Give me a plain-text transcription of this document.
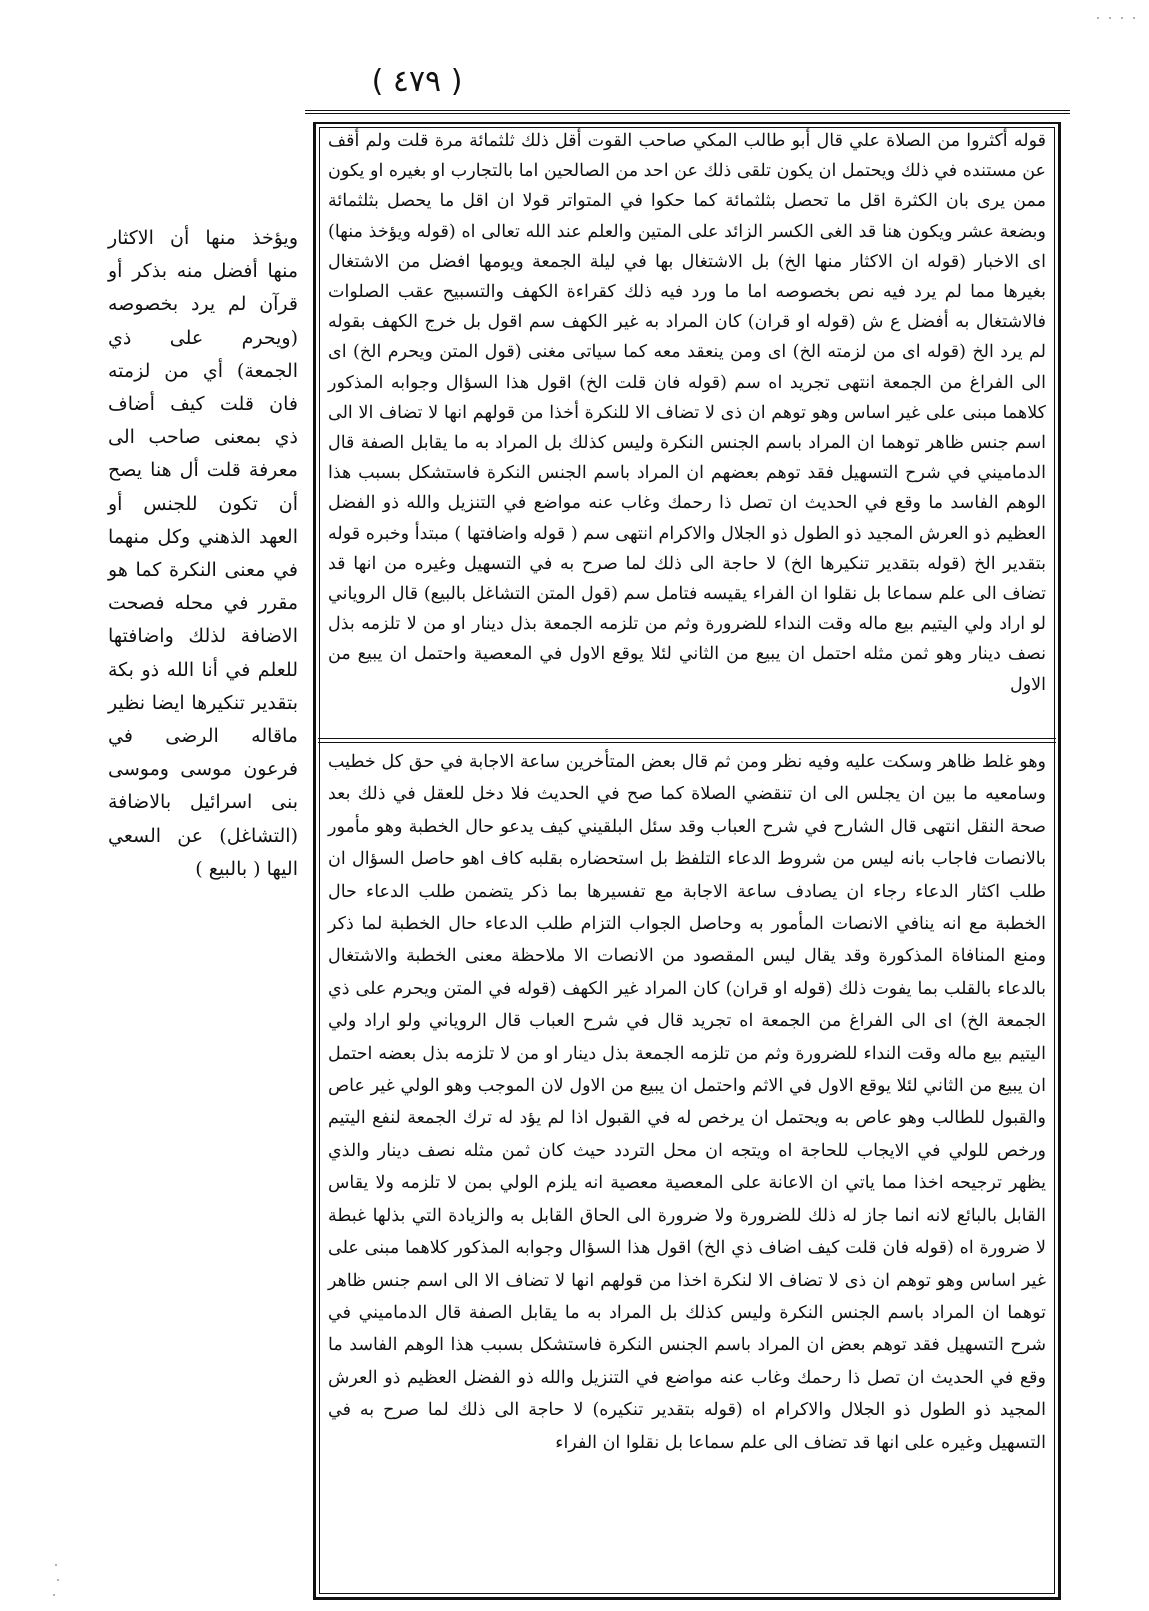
( ٤٧٩ )

قوله أكثروا من الصلاة علي قال أبو طالب المكي صاحب القوت أقل ذلك ثلثمائة مرة قلت ولم أقف عن مستنده في ذلك ويحتمل ان يكون تلقى ذلك عن احد من الصالحين اما بالتجارب او بغيره او يكون ممن يرى بان الكثرة اقل ما تحصل بثلثمائة كما حكوا في المتواتر قولا ان اقل ما يحصل بثلثمائة وبضعة عشر ويكون هنا قد الغى الكسر الزائد على المتين والعلم عند الله تعالى اه (قوله ويؤخذ منها) اى الاخبار (قوله ان الاكثار منها الخ) بل الاشتغال بها في ليلة الجمعة ويومها افضل من الاشتغال بغيرها مما لم يرد فيه نص بخصوصه اما ما ورد فيه ذلك كقراءة الكهف والتسبيح عقب الصلوات فالاشتغال به أفضل ع ش (قوله او قران) كان المراد به غير الكهف سم اقول بل خرج الكهف بقوله لم يرد الخ (قوله اى من لزمته الخ) اى ومن ينعقد معه كما سياتى مغنى (قول المتن ويحرم الخ) اى الى الفراغ من الجمعة انتهى تجريد اه سم (قوله فان قلت الخ) اقول هذا السؤال وجوابه المذكور كلاهما مبنى على غير اساس وهو توهم ان ذى لا تضاف الا للنكرة أخذا من قولهم انها لا تضاف الا الى اسم جنس ظاهر توهما ان المراد باسم الجنس النكرة وليس كذلك بل المراد به ما يقابل الصفة قال الدماميني في شرح التسهيل فقد توهم بعضهم ان المراد باسم الجنس النكرة فاستشكل بسبب هذا الوهم الفاسد ما وقع في الحديث ان تصل ذا رحمك وغاب عنه مواضع في التنزيل والله ذو الفضل العظيم ذو العرش المجيد ذو الطول ذو الجلال والاكرام انتهى سم ( قوله واضافتها ) مبتدأ وخبره قوله بتقدير الخ (قوله بتقدير تنكيرها الخ) لا حاجة الى ذلك لما صرح به في التسهيل وغيره من انها قد تضاف الى علم سماعا بل نقلوا ان الفراء يقيسه فتامل سم (قول المتن التشاغل بالبيع) قال الروياني لو اراد ولي اليتيم بيع ماله وقت النداء للضرورة وثم من تلزمه الجمعة بذل دينار او من لا تلزمه بذل نصف دينار وهو ثمن مثله احتمل ان يبيع من الثاني لئلا يوقع الاول في المعصية واحتمل ان يبيع من الاول

وهو غلط ظاهر وسكت عليه وفيه نظر ومن ثم قال بعض المتأخرين ساعة الاجابة في حق كل خطيب وسامعيه ما بين ان يجلس الى ان تنقضي الصلاة كما صح في الحديث فلا دخل للعقل في ذلك بعد صحة النقل انتهى قال الشارح في شرح العباب وقد سئل البلقيني كيف يدعو حال الخطبة وهو مأمور بالانصات فاجاب بانه ليس من شروط الدعاء التلفظ بل استحضاره بقلبه كاف اهو حاصل السؤال ان طلب اكثار الدعاء رجاء ان يصادف ساعة الاجابة مع تفسيرها بما ذكر يتضمن طلب الدعاء حال الخطبة مع انه ينافي الانصات المأمور به وحاصل الجواب التزام طلب الدعاء حال الخطبة لما ذكر ومنع المنافاة المذكورة وقد يقال ليس المقصود من الانصات الا ملاحظة معنى الخطبة والاشتغال بالدعاء بالقلب بما يفوت ذلك (قوله او قران) كان المراد غير الكهف (قوله في المتن ويحرم على ذي الجمعة الخ) اى الى الفراغ من الجمعة اه تجريد قال في شرح العباب قال الروياني ولو اراد ولي اليتيم بيع ماله وقت النداء للضرورة وثم من تلزمه الجمعة بذل دينار او من لا تلزمه بذل بعضه احتمل ان يبيع من الثاني لئلا يوقع الاول في الاثم واحتمل ان يبيع من الاول لان الموجب وهو الولي غير عاص والقبول للطالب وهو عاص به ويحتمل ان يرخص له في القبول اذا لم يؤد له ترك الجمعة لنفع اليتيم ورخص للولي في الايجاب للحاجة اه ويتجه ان محل التردد حيث كان ثمن مثله نصف دينار والذي يظهر ترجيحه اخذا مما ياتي ان الاعانة على المعصية معصية انه يلزم الولي بمن لا تلزمه ولا يقاس القابل بالبائع لانه انما جاز له ذلك للضرورة ولا ضرورة الى الحاق القابل به والزيادة التي بذلها غبطة لا ضرورة اه (قوله فان قلت كيف اضاف ذي الخ) اقول هذا السؤال وجوابه المذكور كلاهما مبنى على غير اساس وهو توهم ان ذى لا تضاف الا لنكرة اخذا من قولهم انها لا تضاف الا الى اسم جنس ظاهر توهما ان المراد باسم الجنس النكرة وليس كذلك بل المراد به ما يقابل الصفة قال الدماميني في شرح التسهيل فقد توهم بعض ان المراد باسم الجنس النكرة فاستشكل بسبب هذا الوهم الفاسد ما وقع في الحديث ان تصل ذا رحمك وغاب عنه مواضع في التنزيل والله ذو الفضل العظيم ذو العرش المجيد ذو الطول ذو الجلال والاكرام اه (قوله بتقدير تنكيره) لا حاجة الى ذلك لما صرح به في التسهيل وغيره على انها قد تضاف الى علم سماعا بل نقلوا ان الفراء

ويؤخذ منها أن الاكثار منها أفضل منه بذكر أو قرآن لم يرد بخصوصه (ويحرم على ذي الجمعة) أي من لزمته فان قلت كيف أضاف ذي بمعنى صاحب الى معرفة قلت أل هنا يصح أن تكون للجنس أو العهد الذهني وكل منهما في معنى النكرة كما هو مقرر في محله فصحت الاضافة لذلك واضافتها للعلم في أنا الله ذو بكة بتقدير تنكيرها ايضا نظير ماقاله الرضى في فرعون موسى وموسى بنى اسرائيل بالاضافة (التشاغل) عن السعي اليها ( بالبيع )
